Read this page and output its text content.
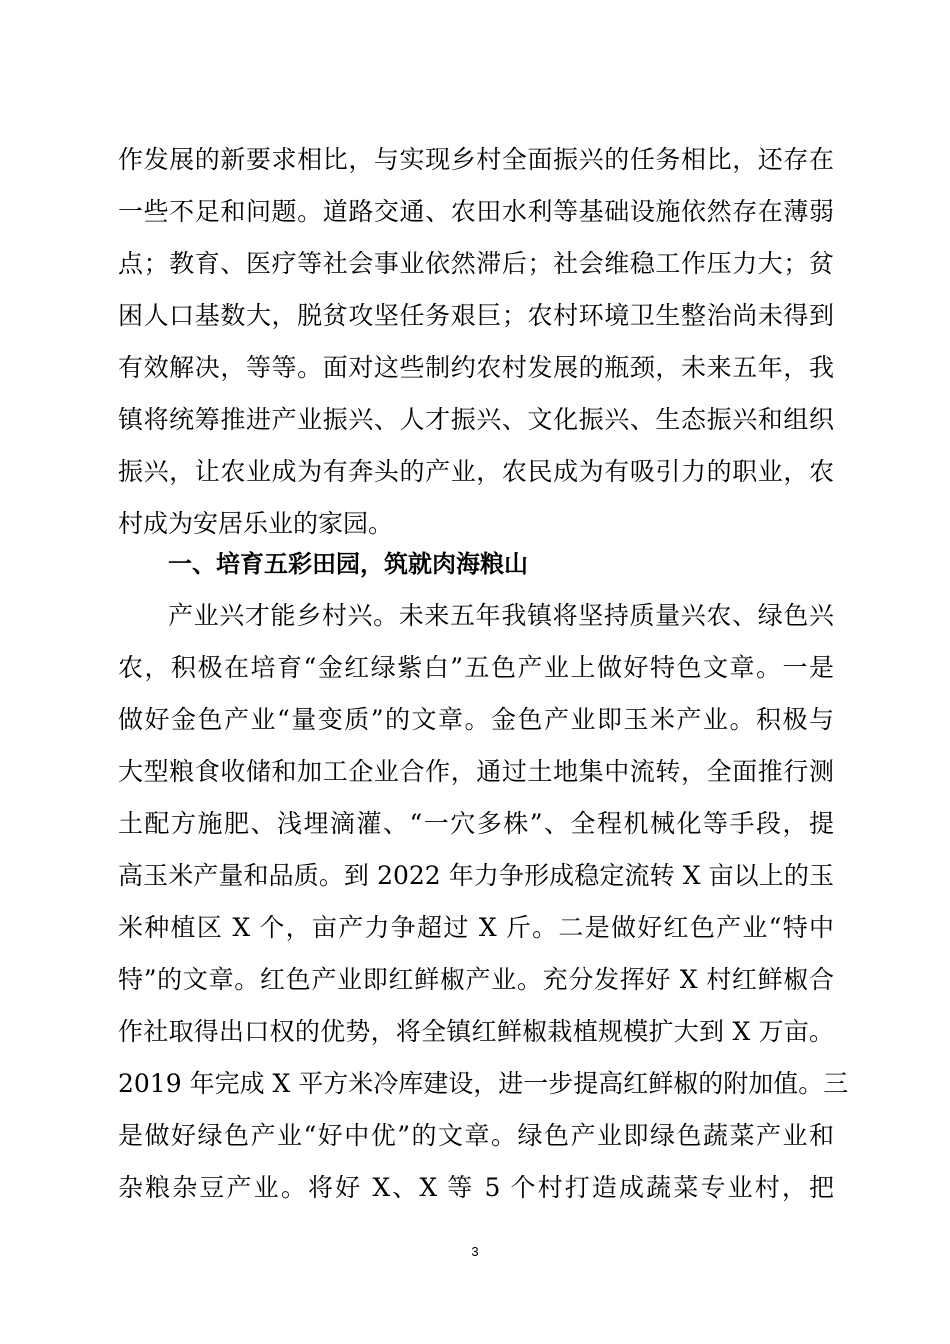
作发展的新要求相比，与实现乡村全面振兴的任务相比，还存在
一些不足和问题。道路交通、农田水利等基础设施依然存在薄弱
点；教育、医疗等社会事业依然滞后；社会维稳工作压力大；贫
困人口基数大，脱贫攻坚任务艰巨；农村环境卫生整治尚未得到
有效解决，等等。面对这些制约农村发展的瓶颈，未来五年，我
镇将统筹推进产业振兴、人才振兴、文化振兴、生态振兴和组织
振兴，让农业成为有奔头的产业，农民成为有吸引力的职业，农
村成为安居乐业的家园。
一、培育五彩田园，筑就肉海粮山
产业兴才能乡村兴。未来五年我镇将坚持质量兴农、绿色兴
农，积极在培育“金红绿紫白”五色产业上做好特色文章。一是
做好金色产业“量变质”的文章。金色产业即玉米产业。积极与
大型粮食收储和加工企业合作，通过土地集中流转，全面推行测
土配方施肥、浅埋滴灌、“一穴多株”、全程机械化等手段，提
高玉米产量和品质。到 2022 年力争形成稳定流转 X 亩以上的玉
米种植区 X 个，亩产力争超过 X 斤。二是做好红色产业“特中
特”的文章。红色产业即红鲜椒产业。充分发挥好 X 村红鲜椒合
作社取得出口权的优势，将全镇红鲜椒栽植规模扩大到 X 万亩。
2019 年完成 X 平方米冷库建设，进一步提高红鲜椒的附加值。三
是做好绿色产业“好中优”的文章。绿色产业即绿色蔬菜产业和
杂粮杂豆产业。将好 X、X 等 5 个村打造成蔬菜专业村，把
3
